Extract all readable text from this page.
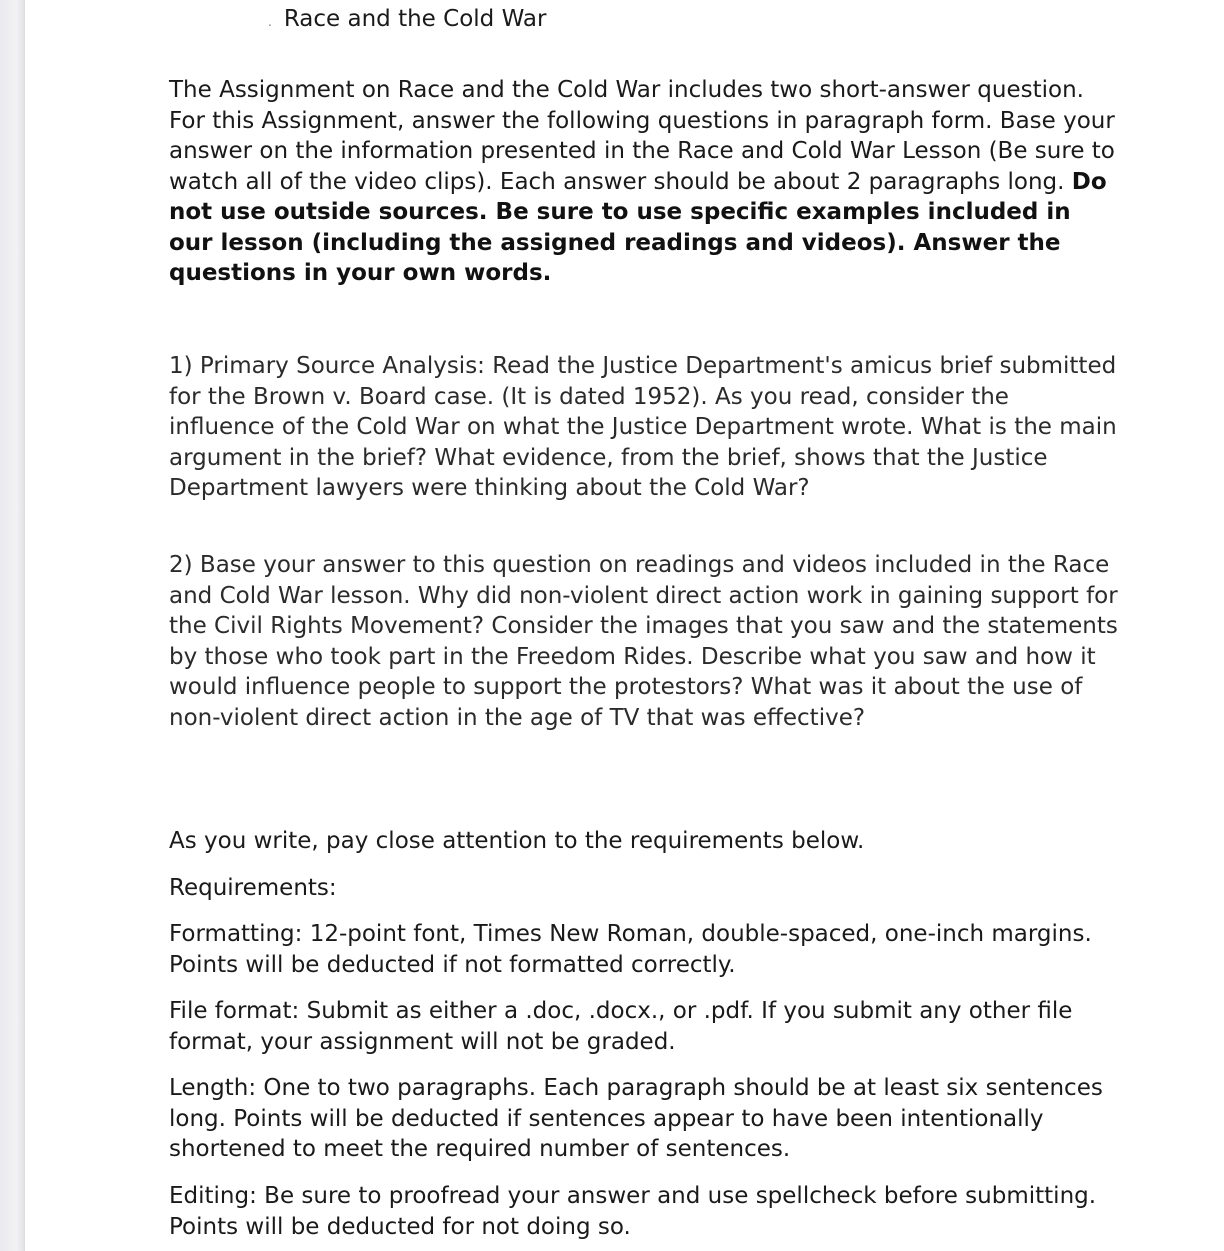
. Race and the Cold War

The Assignment on Race and the Cold War includes two short-answer question. For this Assignment, answer the following questions in paragraph form. Base your answer on the information presented in the Race and Cold War Lesson (Be sure to watch all of the video clips). Each answer should be about 2 paragraphs long. Do not use outside sources. Be sure to use specific examples included in our lesson (including the assigned readings and videos). Answer the questions in your own words.

1) Primary Source Analysis: Read the Justice Department's amicus brief submitted for the Brown v. Board case. (It is dated 1952). As you read, consider the influence of the Cold War on what the Justice Department wrote. What is the main argument in the brief? What evidence, from the brief, shows that the Justice Department lawyers were thinking about the Cold War?

2) Base your answer to this question on readings and videos included in the Race and Cold War lesson. Why did non-violent direct action work in gaining support for the Civil Rights Movement? Consider the images that you saw and the statements by those who took part in the Freedom Rides. Describe what you saw and how it would influence people to support the protestors? What was it about the use of non-violent direct action in the age of TV that was effective?

As you write, pay close attention to the requirements below.

Requirements:

Formatting: 12-point font, Times New Roman, double-spaced, one-inch margins. Points will be deducted if not formatted correctly.

File format: Submit as either a .doc, .docx., or .pdf. If you submit any other file format, your assignment will not be graded.

Length: One to two paragraphs. Each paragraph should be at least six sentences long. Points will be deducted if sentences appear to have been intentionally shortened to meet the required number of sentences.

Editing: Be sure to proofread your answer and use spellcheck before submitting. Points will be deducted for not doing so.
